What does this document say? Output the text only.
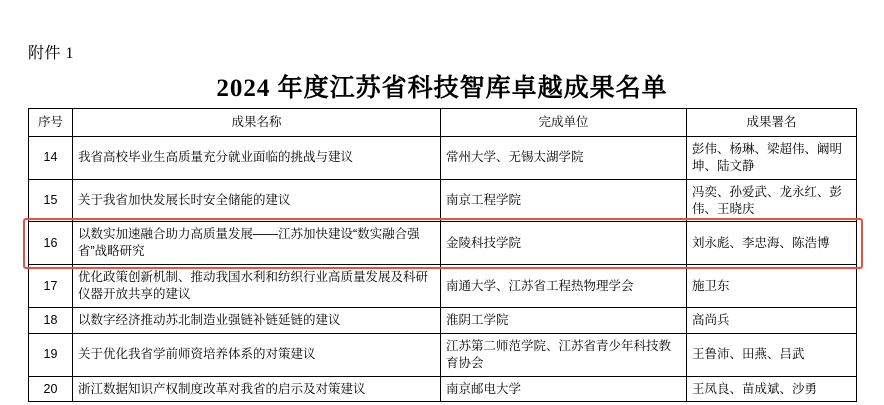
附件 1
2024 年度江苏省科技智库卓越成果名单
序号	成果名称	完成单位	成果署名
14	我省高校毕业生高质量充分就业面临的挑战与建议	常州大学、无锡太湖学院	彭伟、杨琳、梁超伟、阚明坤、陆文静
15	关于我省加快发展长时安全储能的建议	南京工程学院	冯奕、孙爱武、龙永红、彭伟、王晓庆
16	以数实加速融合助力高质量发展——江苏加快建设“数实融合强省”战略研究	金陵科技学院	刘永彪、李忠海、陈浩博
17	优化政策创新机制、推动我国水利和纺织行业高质量发展及科研仪器开放共享的建议	南通大学、江苏省工程热物理学会	施卫东
18	以数字经济推动苏北制造业强链补链延链的建议	淮阴工学院	高尚兵
19	关于优化我省学前师资培养体系的对策建议	江苏第二师范学院、江苏省青少年科技教育协会	王鲁沛、田燕、吕武
20	浙江数据知识产权制度改革对我省的启示及对策建议	南京邮电大学	王凤良、苗成斌、沙勇
